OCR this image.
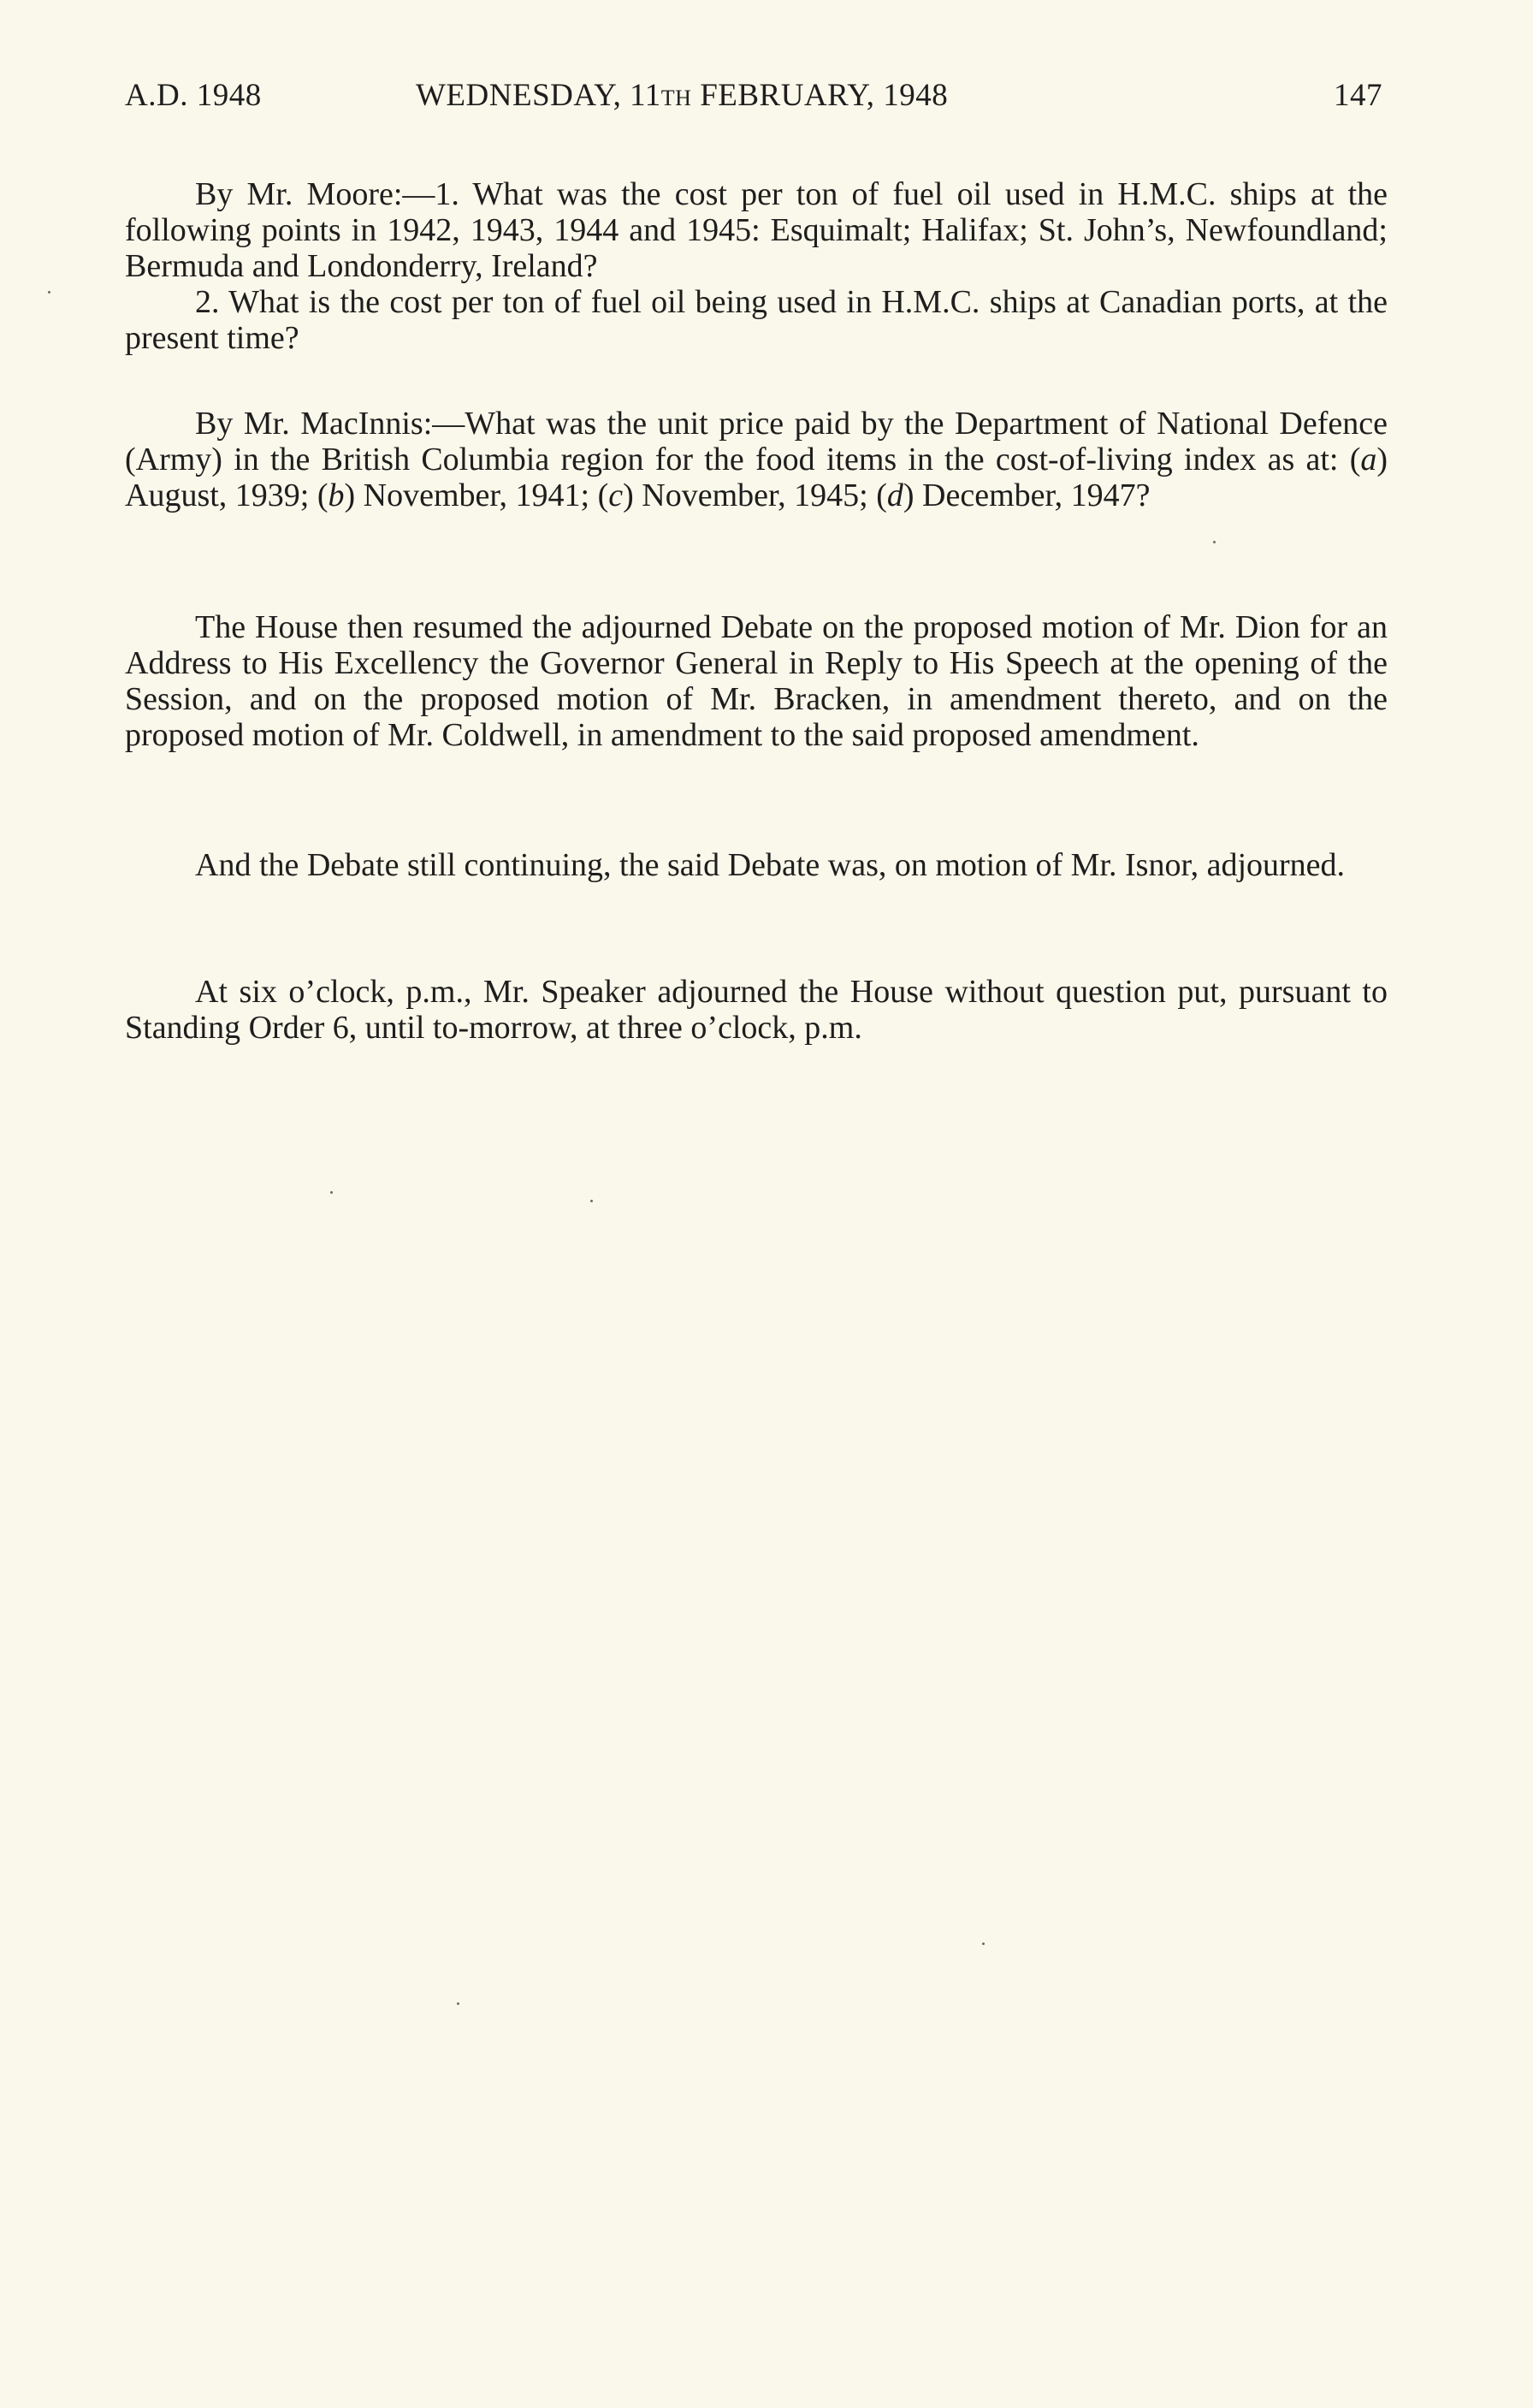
A.D. 1948	WEDNESDAY, 11TH FEBRUARY, 1948	147

By Mr. Moore:—1. What was the cost per ton of fuel oil used in H.M.C. ships at the following points in 1942, 1943, 1944 and 1945: Esquimalt; Halifax; St. John’s, Newfoundland; Bermuda and Londonderry, Ireland?

2. What is the cost per ton of fuel oil being used in H.M.C. ships at Canadian ports, at the present time?

By Mr. MacInnis:—What was the unit price paid by the Department of National Defence (Army) in the British Columbia region for the food items in the cost-of-living index as at: (a) August, 1939; (b) November, 1941; (c) November, 1945; (d) December, 1947?

The House then resumed the adjourned Debate on the proposed motion of Mr. Dion for an Address to His Excellency the Governor General in Reply to His Speech at the opening of the Session, and on the proposed motion of Mr. Bracken, in amendment thereto, and on the proposed motion of Mr. Coldwell, in amendment to the said proposed amendment.

And the Debate still continuing, the said Debate was, on motion of Mr. Isnor, adjourned.

At six o’clock, p.m., Mr. Speaker adjourned the House without question put, pursuant to Standing Order 6, until to-morrow, at three o’clock, p.m.
